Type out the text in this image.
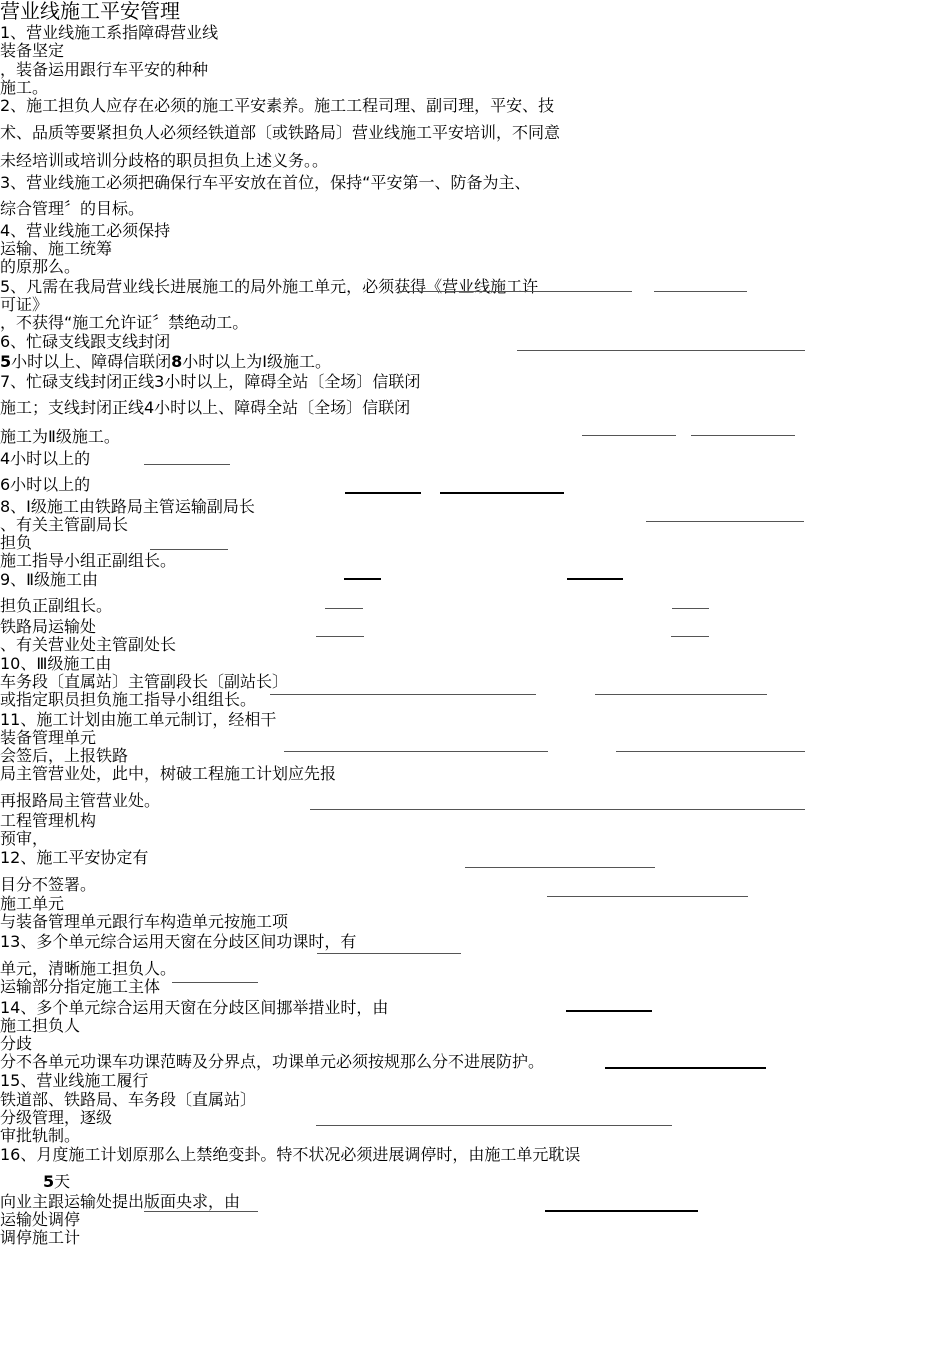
营业线施工平安管理
1、营业线施工系指障碍营业线
装备坚定
，装备运用跟行车平安的种种
施工。
2、施工担负人应存在必须的施工平安素养。施工工程司理、副司理，平安、技
术、品质等要紧担负人必须经铁道部〔或铁路局〕营业线施工平安培训，不同意
未经培训或培训分歧格的职员担负上述义务。。
3、营业线施工必须把确保行车平安放在首位，保持“平安第一、防备为主、
综合管理〞的目标。
4、营业线施工必须保持
运输、施工统筹
的原那么。
5、凡需在我局营业线长进展施工的局外施工单元，必须获得《营业线施工许
可证》
，不获得“施工允许证〞禁绝动工。
6、忙碌支线跟支线封闭
5小时以上、障碍信联闭8小时以上为Ⅰ级施工。
7、忙碌支线封闭正线3小时以上，障碍全站〔全场〕信联闭
施工；支线封闭正线4小时以上、障碍全站〔全场〕信联闭
施工为Ⅱ级施工。
4小时以上的
6小时以上的
8、Ⅰ级施工由铁路局主管运输副局长
、有关主管副局长
担负
施工指导小组正副组长。
9、Ⅱ级施工由
担负正副组长。
铁路局运输处
、有关营业处主管副处长
10、Ⅲ级施工由
车务段〔直属站〕主管副段长〔副站长〕
或指定职员担负施工指导小组组长。
11、施工计划由施工单元制订，经相干
装备管理单元
会签后，上报铁路
局主管营业处，此中，树破工程施工计划应先报
再报路局主管营业处。
工程管理机构
预审，
12、施工平安协定有
目分不签署。
施工单元
与装备管理单元跟行车构造单元按施工项
13、多个单元综合运用天窗在分歧区间功课时，有
单元，清晰施工担负人。
运输部分指定施工主体
14、多个单元综合运用天窗在分歧区间挪举措业时，由
施工担负人
分歧
分不各单元功课车功课范畴及分界点，功课单元必须按规那么分不进展防护。
15、营业线施工履行
铁道部、铁路局、车务段〔直属站〕
分级管理，逐级
审批轨制。
16、月度施工计划原那么上禁绝变卦。特不状况必须进展调停时，由施工单元耽误
5天
向业主跟运输处提出版面央求，由
运输处调停
调停施工计
